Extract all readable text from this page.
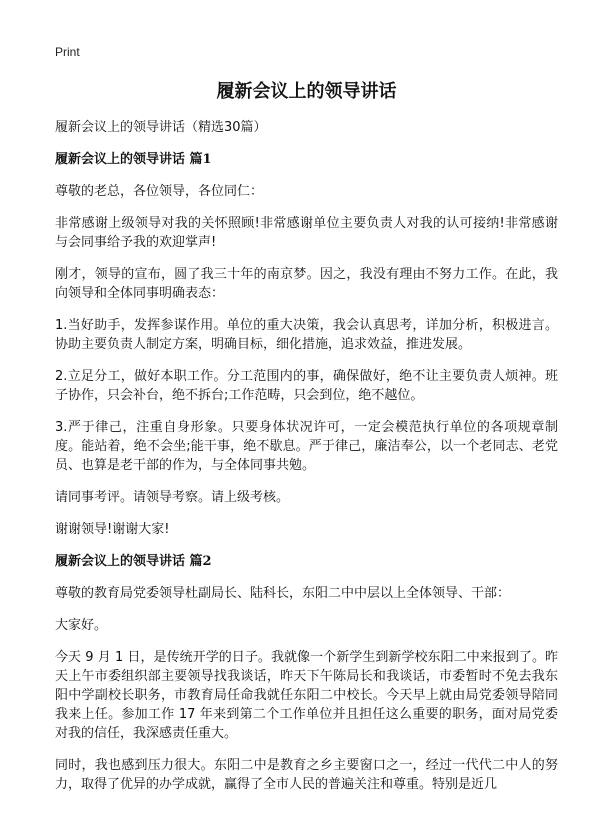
Print
履新会议上的领导讲话
履新会议上的领导讲话（精选30篇）
履新会议上的领导讲话 篇1

尊敬的老总，各位领导，各位同仁：

非常感谢上级领导对我的关怀照顾!非常感谢单位主要负责人对我的认可接纳!非常感谢与会同事给予我的欢迎掌声!

刚才，领导的宣布，圆了我三十年的南京梦。因之，我没有理由不努力工作。在此，我向领导和全体同事明确表态：

1.当好助手，发挥参谋作用。单位的重大决策，我会认真思考，详加分析，积极进言。协助主要负责人制定方案，明确目标，细化措施，追求效益，推进发展。

2.立足分工，做好本职工作。分工范围内的事，确保做好，绝不让主要负责人烦神。班子协作，只会补台，绝不拆台;工作范畴，只会到位，绝不越位。

3.严于律己，注重自身形象。只要身体状况许可，一定会模范执行单位的各项规章制度。能站着，绝不会坐;能干事，绝不歇息。严于律己，廉洁奉公，以一个老同志、老党员、也算是老干部的作为，与全体同事共勉。

请同事考评。请领导考察。请上级考核。

谢谢领导!谢谢大家!

履新会议上的领导讲话 篇2

尊敬的教育局党委领导杜副局长、陆科长，东阳二中中层以上全体领导、干部：

大家好。

今天 9 月 1 日，是传统开学的日子。我就像一个新学生到新学校东阳二中来报到了。昨天上午市委组织部主要领导找我谈话，昨天下午陈局长和我谈话，市委暂时不免去我东阳中学副校长职务，市教育局任命我就任东阳二中校长。今天早上就由局党委领导陪同我来上任。参加工作 17 年来到第二个工作单位并且担任这么重要的职务，面对局党委对我的信任，我深感责任重大。

同时，我也感到压力很大。东阳二中是教育之乡主要窗口之一，经过一代代二中人的努力，取得了优异的办学成就，赢得了全市人民的普遍关注和尊重。特别是近几
